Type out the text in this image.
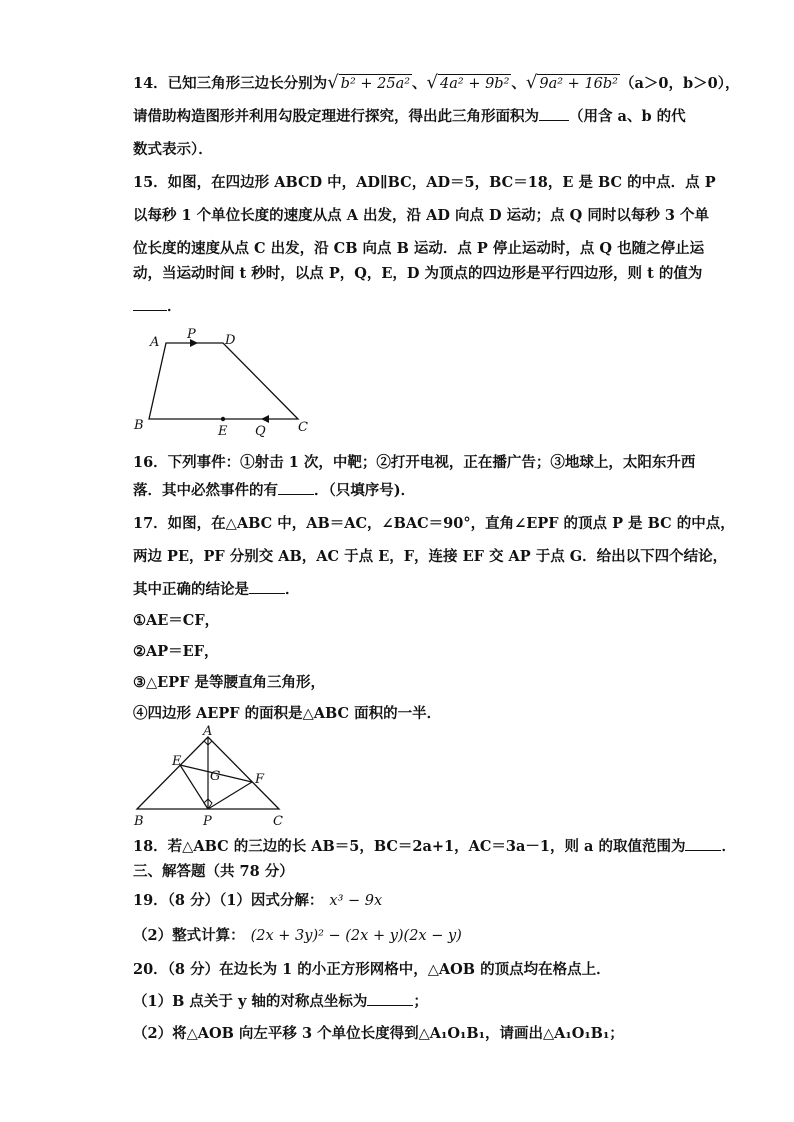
14．已知三角形三边长分别为√ b² + 25a² 、√ 4a² + 9b² 、√ 9a² + 16b² （a＞0，b＞0），
请借助构造图形并利用勾股定理进行探究，得出此三角形面积为 （用含 a、b 的代
数式表示）．
15．如图，在四边形 ABCD 中，AD∥BC，AD＝5，BC＝18，E 是 BC 的中点．点 P
以每秒 1 个单位长度的速度从点 A 出发，沿 AD 向点 D 运动；点 Q 同时以每秒 3 个单
位长度的速度从点 C 出发，沿 CB 向点 B 运动．点 P 停止运动时，点 Q 也随之停止运
动，当运动时间 t 秒时，以点 P，Q，E，D 为顶点的四边形是平行四边形，则 t 的值为
．
A
P D
B	E Q C
16．下列事件：①射击 1 次，中靶；②打开电视，正在播广告；③地球上，太阳东升西
落．其中必然事件的有 ．（只填序号)．
17．如图，在△ABC 中，AB＝AC，∠BAC＝90°，直角∠EPF 的顶点 P 是 BC 的中点，
两边 PE，PF 分别交 AB，AC 于点 E，F，连接 EF 交 AP 于点 G．给出以下四个结论，
其中正确的结论是 ．
①AE＝CF，
②AP＝EF，
③△EPF 是等腰直角三角形，
④四边形 AEPF 的面积是△ABC 面积的一半．
A
E
G	F
B	P	C
18．若△ABC 的三边的长 AB＝5，BC＝2a+1，AC＝3a－1，则 a 的取值范围为 ．
三、解答题（共 78 分）
19．（8 分）（1）因式分解： x³ − 9x
（2）整式计算： (2x + 3y)² − (2x + y)(2x − y)
20．（8 分）在边长为 1 的小正方形网格中，△AOB 的顶点均在格点上．
（1）B 点关于 y 轴的对称点坐标为	；
（2）将△AOB 向左平移 3 个单位长度得到△A₁O₁B₁，请画出△A₁O₁B₁；
